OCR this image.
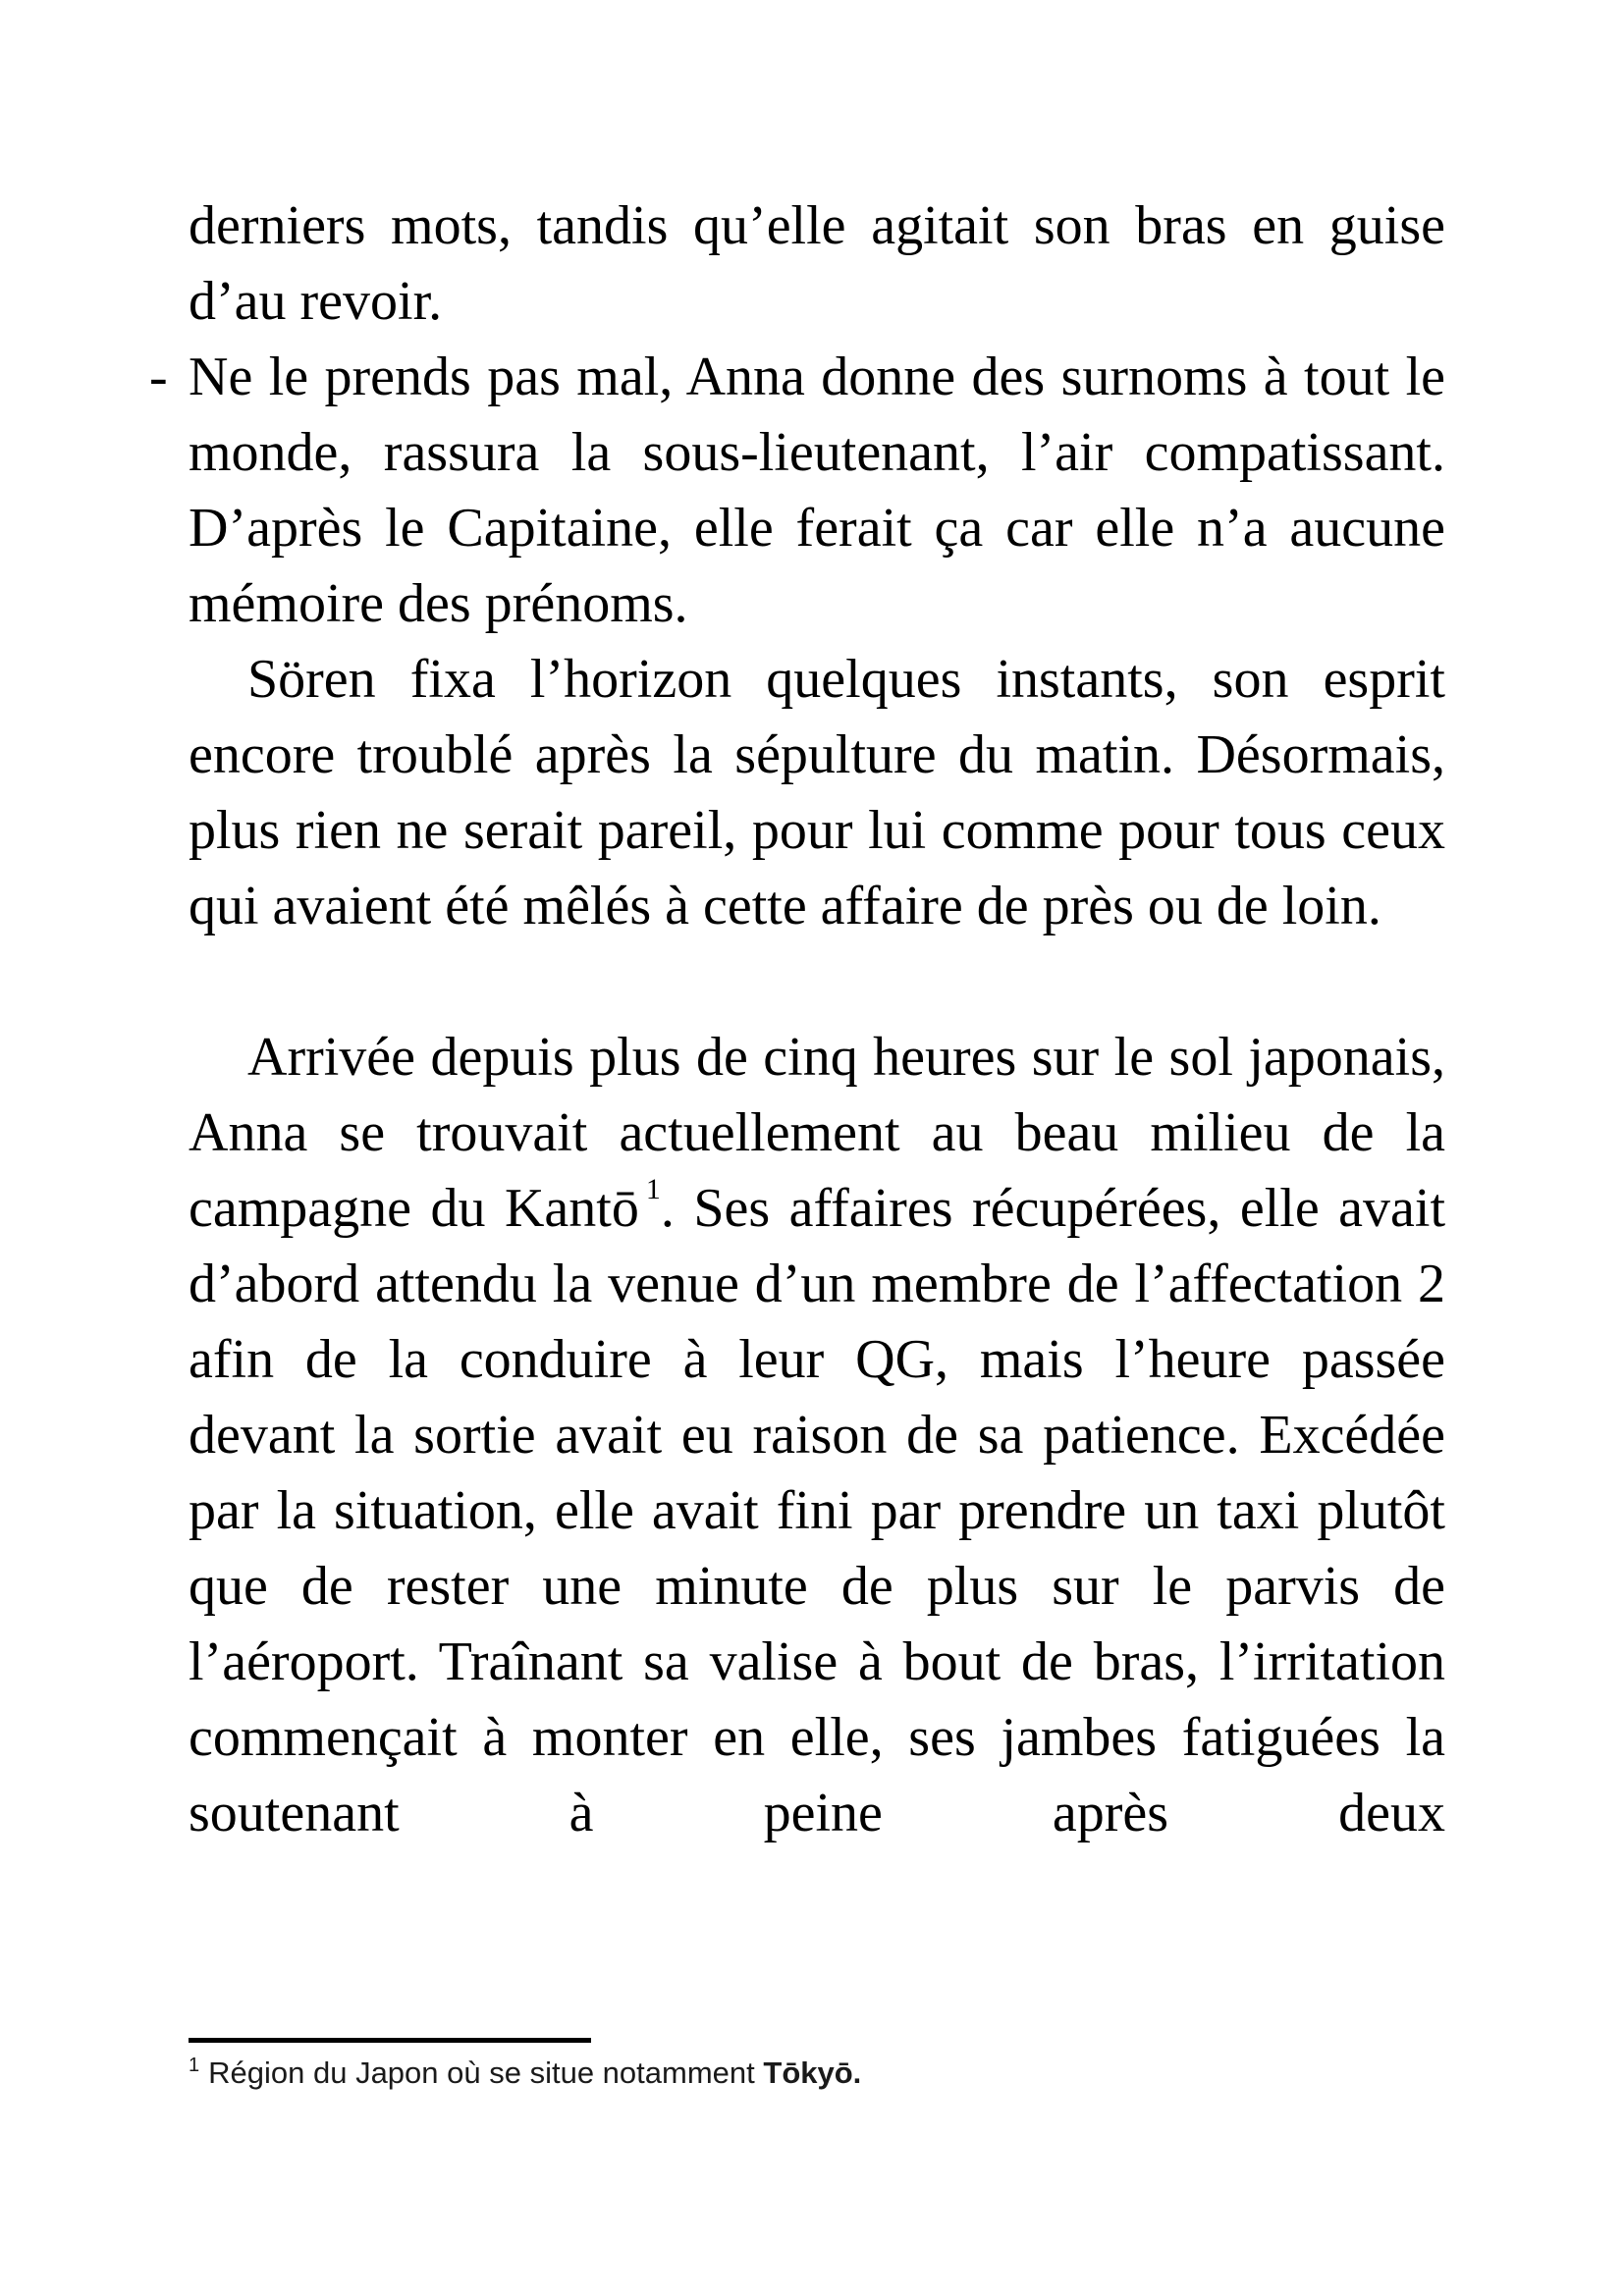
derniers mots, tandis qu’elle agitait son bras en guise d’au revoir.

- Ne le prends pas mal, Anna donne des surnoms à tout le monde, rassura la sous-lieutenant, l’air compatissant. D’après le Capitaine, elle ferait ça car elle n’a aucune mémoire des prénoms.

Sören fixa l’horizon quelques instants, son esprit encore troublé après la sépulture du matin. Désormais, plus rien ne serait pareil, pour lui comme pour tous ceux qui avaient été mêlés à cette affaire de près ou de loin.

Arrivée depuis plus de cinq heures sur le sol japonais, Anna se trouvait actuellement au beau milieu de la campagne du Kantō $^1$. Ses affaires récupérées, elle avait d’abord attendu la venue d’un membre de l’affectation 2 afin de la conduire à leur QG, mais l’heure passée devant la sortie avait eu raison de sa patience. Excédée par la situation, elle avait fini par prendre un taxi plutôt que de rester une minute de plus sur le parvis de l’aéroport. Traînant sa valise à bout de bras, l’irritation commençait à monter en elle, ses jambes fatiguées la soutenant à peine après deux

$^1$ Région du Japon où se situe notamment Tōkyō.
